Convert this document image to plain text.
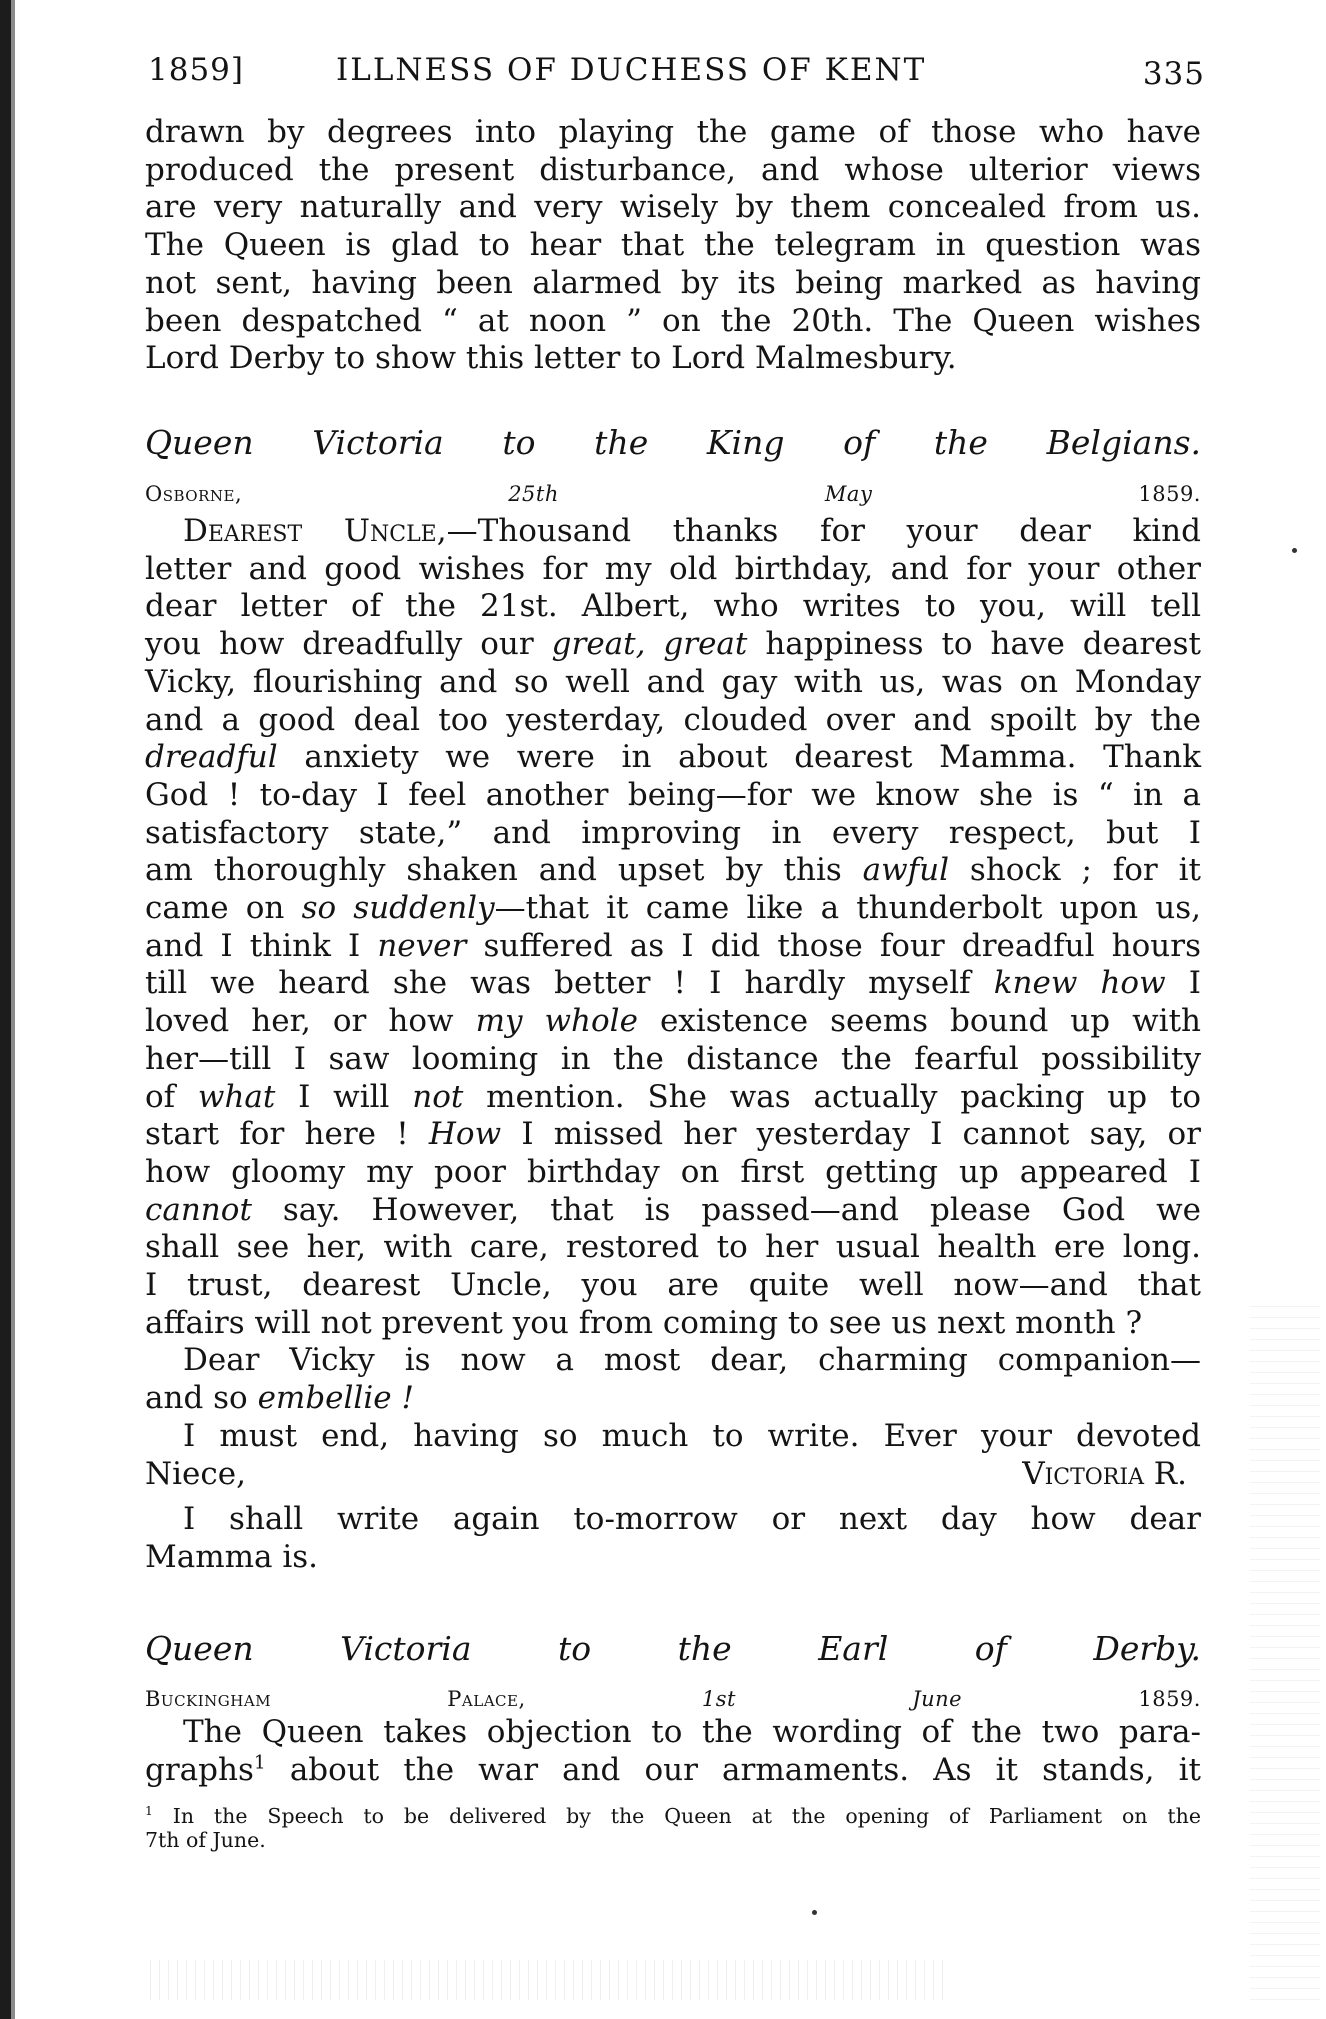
1859]	ILLNESS OF DUCHESS OF KENT	335

drawn by degrees into playing the game of those who have

produced the present disturbance, and whose ulterior views

are very naturally and very wisely by them concealed from us.

The Queen is glad to hear that the telegram in question was

not sent, having been alarmed by its being marked as having

been despatched “ at noon ” on the 20th. The Queen wishes

Lord Derby to show this letter to Lord Malmesbury.

Queen Victoria to the King of the Belgians.

Osborne,	25th May	1859.

Dearest Uncle,—Thousand thanks for your dear kind

letter and good wishes for my old birthday, and for your other

dear letter of the 21st. Albert, who writes to you, will tell

you how dreadfully our great, great happiness to have dearest

Vicky, flourishing and so well and gay with us, was on Monday

and a good deal too yesterday, clouded over and spoilt by the

dreadful anxiety we were in about dearest Mamma. Thank

God ! to-day I feel another being—for we know she is “ in a

satisfactory state,” and improving in every respect, but I

am thoroughly shaken and upset by this awful shock ; for it

came on so suddenly—that it came like a thunderbolt upon us,

and I think I never suffered as I did those four dreadful hours

till we heard she was better ! I hardly myself knew how I

loved her, or how my whole existence seems bound up with

her—till I saw looming in the distance the fearful possibility

of what I will not mention. She was actually packing up to

start for here ! How I missed her yesterday I cannot say, or

how gloomy my poor birthday on first getting up appeared I

cannot say. However, that is passed—and please God we

shall see her, with care, restored to her usual health ere long.

I trust, dearest Uncle, you are quite well now—and that

affairs will not prevent you from coming to see us next month ?

Dear Vicky is now a most dear, charming companion—

and so embellie !

I must end, having so much to write. Ever your devoted

Niece,	Victoria R.

I shall write again to-morrow or next day how dear

Mamma is.

Queen Victoria to the Earl of Derby.

Buckingham Palace,	1st June	1859.

The Queen takes objection to the wording of the two para-

graphs$^1$ about the war and our armaments. As it stands, it

$^1$ In the Speech to be delivered by the Queen at the opening of Parliament on the

7th of June.
